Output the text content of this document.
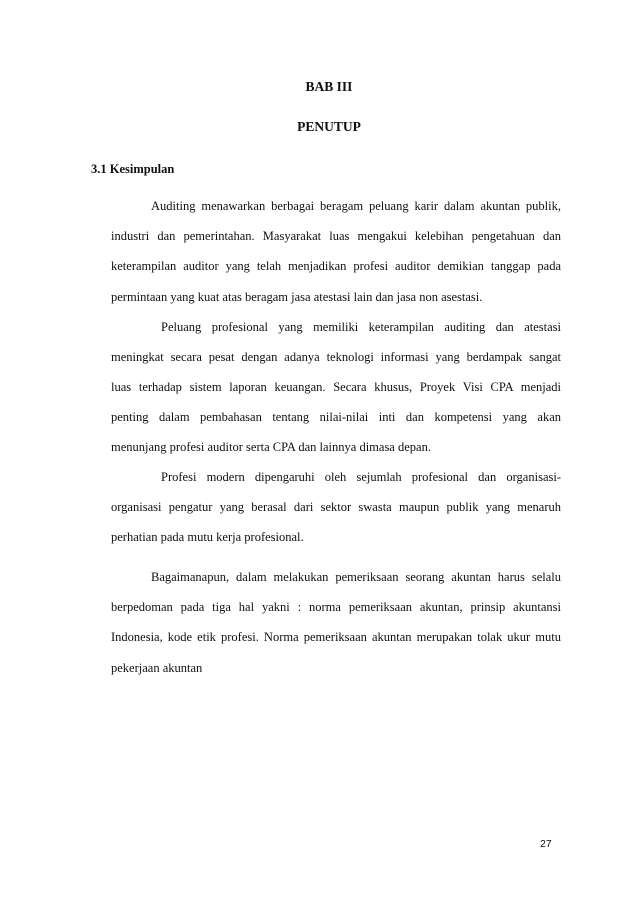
BAB III
PENUTUP
3.1 Kesimpulan
Auditing menawarkan berbagai beragam peluang karir dalam akuntan publik,
industri dan pemerintahan. Masyarakat luas mengakui kelebihan pengetahuan dan
keterampilan auditor yang telah menjadikan profesi auditor demikian tanggap pada
permintaan yang kuat atas beragam jasa atestasi lain dan jasa non asestasi.
Peluang profesional yang memiliki keterampilan auditing dan atestasi
meningkat secara pesat dengan adanya teknologi informasi yang berdampak sangat
luas terhadap sistem laporan keuangan. Secara khusus, Proyek Visi CPA menjadi
penting dalam pembahasan tentang nilai-nilai inti dan kompetensi yang akan
menunjang profesi auditor serta CPA dan lainnya dimasa depan.
Profesi modern dipengaruhi oleh sejumlah profesional dan organisasi-
organisasi pengatur yang berasal dari sektor swasta maupun publik yang menaruh
perhatian pada mutu kerja profesional.
Bagaimanapun, dalam melakukan pemeriksaan seorang akuntan harus selalu
berpedoman pada tiga hal yakni : norma pemeriksaan akuntan, prinsip akuntansi
Indonesia, kode etik profesi. Norma pemeriksaan akuntan merupakan tolak ukur mutu
pekerjaan akuntan
27
